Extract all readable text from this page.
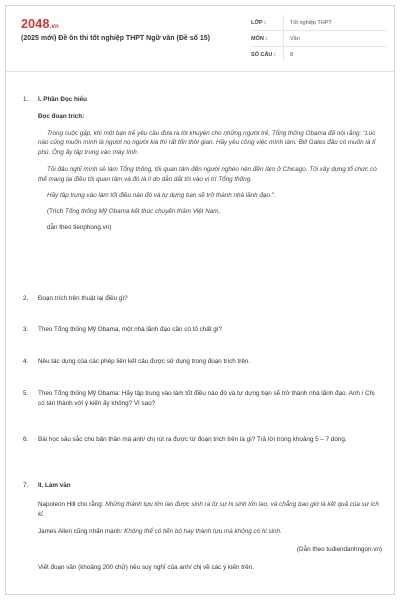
2048.vn
(2025 mới) Đề ôn thi tốt nghiệp THPT Ngữ văn (Đề số 15)
LỚP :	Tốt nghiệp THPT
MÔN :	Văn
SỐ CÂU :	8
1. I. Phần Đọc hiểu
Đọc đoạn trích:
Trong cuộc gặp, khi một bạn trẻ yêu cầu đưa ra lời khuyên cho những người trẻ, Tổng thống Obama đã nói rằng: "Lúc nào cũng muốn mình là người nọ người kia thì rất tốn thời gian. Hãy yêu công việc mình làm. Bill Gates đâu có muốn là tỉ phú. Ông ấy tập trung vào máy tính.
Tôi đâu nghĩ mình sẽ làm Tổng thống, tôi quan tâm đến người nghèo nên đến làm ở Chicago. Tôi xây dựng tổ chức có thể mang lại điều tôi quan tâm và đó là lí do dẫn dắt tôi vào vị trí Tổng thống.
Hãy tập trung vào làm tốt điều nào đó và tự dựng bạn sẽ trở thành nhà lãnh đạo.".
(Trích Tổng thống Mỹ Obama kết thúc chuyến thăm Việt Nam,
dẫn theo tienphong.vn)
2. Đoạn trích trên thuật lại điều gì?
3. Theo Tổng thống Mỹ Obama, một nhà lãnh đạo cần có tố chất gì?
4. Nêu tác dụng của các phép liên kết câu được sử dụng trong đoạn trích trên.
5. Theo Tổng thống Mỹ Obama: Hãy tập trung vào làm tốt điều nào đó và tự dựng bạn sẽ trở thành nhà lãnh đạo. Anh / Chị có tán thành với ý kiến ấy không? Vì sao?
6. Bài học sâu sắc cho bản thân mà anh/ chị rút ra được từ đoạn trích trên là gì? Trả lời trong khoảng 5 – 7 dòng.
7. II. Làm văn
Napoleon Hill cho rằng: Những thành tựu lớn lao được sinh ra từ sự hi sinh lớn lao, và chẳng bao giờ là kết quả của sự ích kỉ.
James Allen cũng nhấn mạnh: Không thể có tiến bộ hay thành tựu mà không có hi sinh.
(Dẫn theo tudiendanhngon.vn)
Viết đoạn văn (khoảng 200 chữ) nêu suy nghĩ của anh/ chị về các ý kiến trên.
